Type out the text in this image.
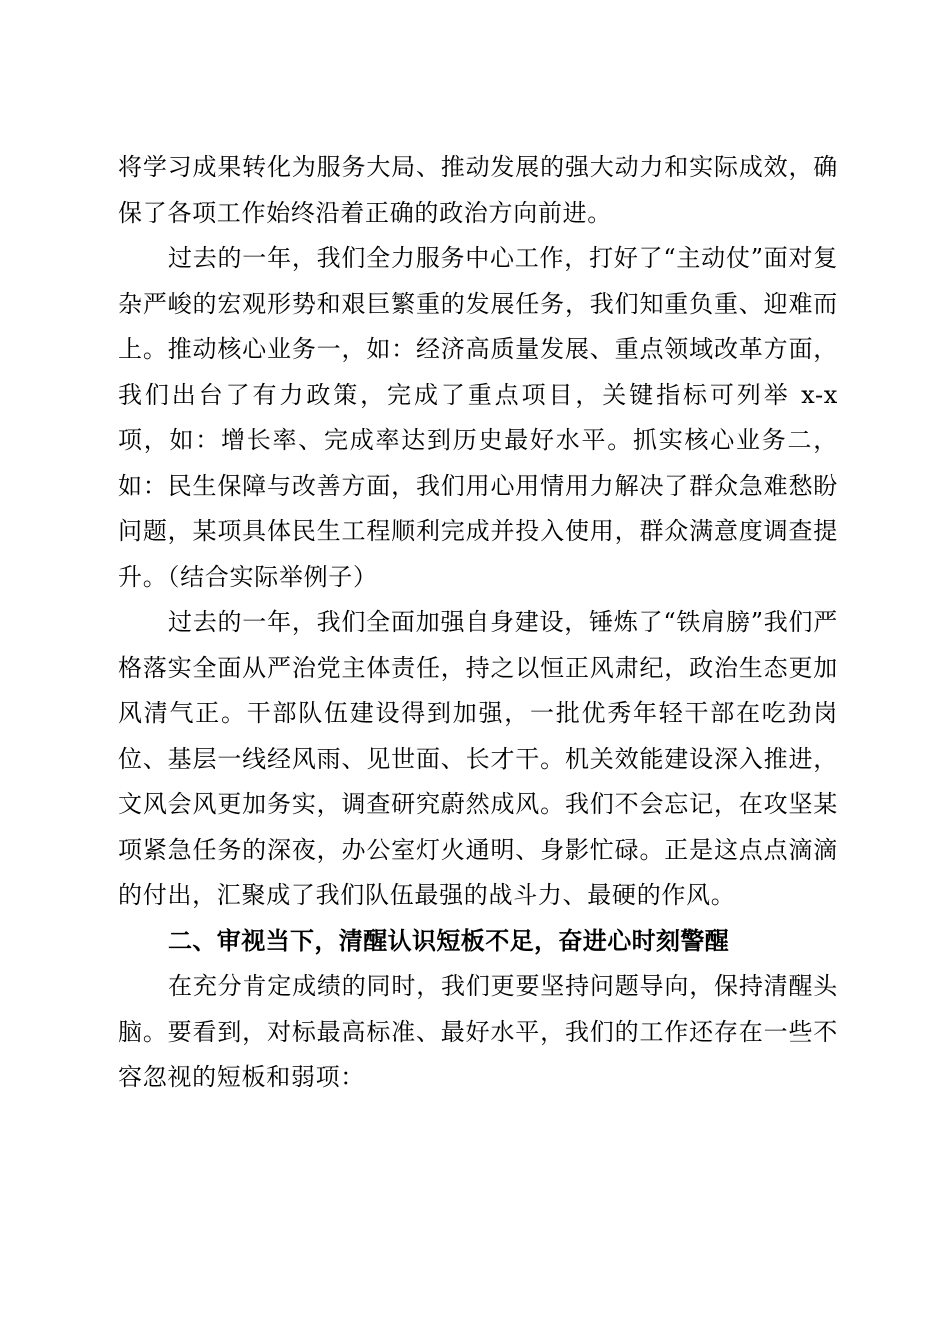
将学习成果转化为服务大局、推动发展的强大动力和实际成效，确保了各项工作始终沿着正确的政治方向前进。

过去的一年，我们全力服务中心工作，打好了“主动仗”面对复杂严峻的宏观形势和艰巨繁重的发展任务，我们知重负重、迎难而上。推动核心业务一，如：经济高质量发展、重点领域改革方面，我们出台了有力政策，完成了重点项目，关键指标可列举 x-x 项，如：增长率、完成率达到历史最好水平。抓实核心业务二，如：民生保障与改善方面，我们用心用情用力解决了群众急难愁盼问题，某项具体民生工程顺利完成并投入使用，群众满意度调查提升。（结合实际举例子）

过去的一年，我们全面加强自身建设，锤炼了“铁肩膀”我们严格落实全面从严治党主体责任，持之以恒正风肃纪，政治生态更加风清气正。干部队伍建设得到加强，一批优秀年轻干部在吃劲岗位、基层一线经风雨、见世面、长才干。机关效能建设深入推进，文风会风更加务实，调查研究蔚然成风。我们不会忘记，在攻坚某项紧急任务的深夜，办公室灯火通明、身影忙碌。正是这点点滴滴的付出，汇聚成了我们队伍最强的战斗力、最硬的作风。

二、审视当下，清醒认识短板不足，奋进心时刻警醒

在充分肯定成绩的同时，我们更要坚持问题导向，保持清醒头脑。要看到，对标最高标准、最好水平，我们的工作还存在一些不容忽视的短板和弱项：
